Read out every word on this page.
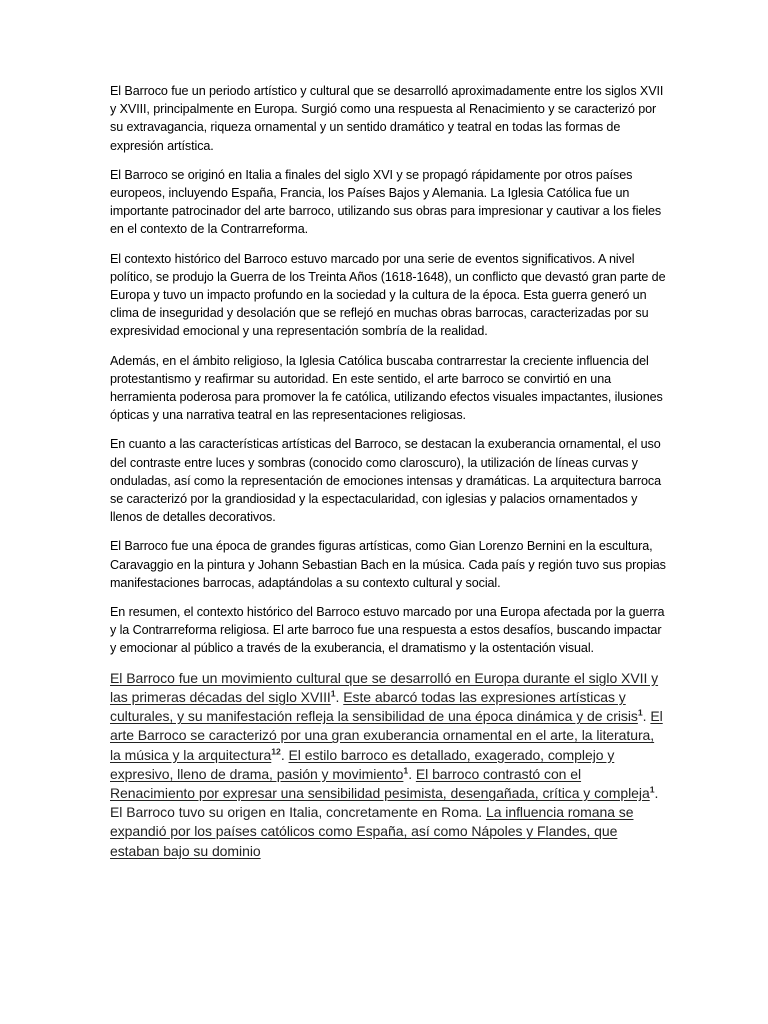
El Barroco fue un periodo artístico y cultural que se desarrolló aproximadamente entre los siglos XVII y XVIII, principalmente en Europa. Surgió como una respuesta al Renacimiento y se caracterizó por su extravagancia, riqueza ornamental y un sentido dramático y teatral en todas las formas de expresión artística.

El Barroco se originó en Italia a finales del siglo XVI y se propagó rápidamente por otros países europeos, incluyendo España, Francia, los Países Bajos y Alemania. La Iglesia Católica fue un importante patrocinador del arte barroco, utilizando sus obras para impresionar y cautivar a los fieles en el contexto de la Contrarreforma.

El contexto histórico del Barroco estuvo marcado por una serie de eventos significativos. A nivel político, se produjo la Guerra de los Treinta Años (1618-1648), un conflicto que devastó gran parte de Europa y tuvo un impacto profundo en la sociedad y la cultura de la época. Esta guerra generó un clima de inseguridad y desolación que se reflejó en muchas obras barrocas, caracterizadas por su expresividad emocional y una representación sombría de la realidad.

Además, en el ámbito religioso, la Iglesia Católica buscaba contrarrestar la creciente influencia del protestantismo y reafirmar su autoridad. En este sentido, el arte barroco se convirtió en una herramienta poderosa para promover la fe católica, utilizando efectos visuales impactantes, ilusiones ópticas y una narrativa teatral en las representaciones religiosas.

En cuanto a las características artísticas del Barroco, se destacan la exuberancia ornamental, el uso del contraste entre luces y sombras (conocido como claroscuro), la utilización de líneas curvas y onduladas, así como la representación de emociones intensas y dramáticas. La arquitectura barroca se caracterizó por la grandiosidad y la espectacularidad, con iglesias y palacios ornamentados y llenos de detalles decorativos.

El Barroco fue una época de grandes figuras artísticas, como Gian Lorenzo Bernini en la escultura, Caravaggio en la pintura y Johann Sebastian Bach en la música. Cada país y región tuvo sus propias manifestaciones barrocas, adaptándolas a su contexto cultural y social.

En resumen, el contexto histórico del Barroco estuvo marcado por una Europa afectada por la guerra y la Contrarreforma religiosa. El arte barroco fue una respuesta a estos desafíos, buscando impactar y emocionar al público a través de la exuberancia, el dramatismo y la ostentación visual.

El Barroco fue un movimiento cultural que se desarrolló en Europa durante el siglo XVII y las primeras décadas del siglo XVIII$^1$. Este abarcó todas las expresiones artísticas y culturales, y su manifestación refleja la sensibilidad de una época dinámica y de crisis$^1$. El arte Barroco se caracterizó por una gran exuberancia ornamental en el arte, la literatura, la música y la arquitectura$^{12}$. El estilo barroco es detallado, exagerado, complejo y expresivo, lleno de drama, pasión y movimiento$^1$. El barroco contrastó con el Renacimiento por expresar una sensibilidad pesimista, desengañada, crítica y compleja$^1$. El Barroco tuvo su origen en Italia, concretamente en Roma. La influencia romana se expandió por los países católicos como España, así como Nápoles y Flandes, que estaban bajo su dominio
